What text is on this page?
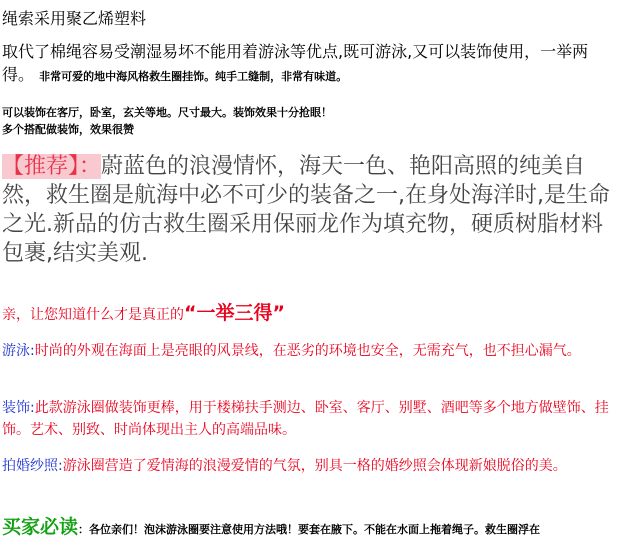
绳索采用聚乙烯塑料
取代了棉绳容易受潮湿易坏不能用着游泳等优点,既可游泳,又可以装饰使用，一举两得。 非常可爱的地中海风格救生圈挂饰。纯手工缝制，非常有味道。
可以装饰在客厅，卧室，玄关等地。尺寸最大。装饰效果十分抢眼！
多个搭配做装饰，效果很赞
【推荐】：蔚蓝色的浪漫情怀，海天一色、艳阳高照的纯美自然，救生圈是航海中必不可少的装备之一,在身处海洋时,是生命之光.新品的仿古救生圈采用保丽龙作为填充物，硬质树脂材料包裹,结实美观.
亲，让您知道什么才是真正的“一举三得”
游泳:时尚的外观在海面上是亮眼的风景线，在恶劣的环境也安全，无需充气，也不担心漏气。
装饰:此款游泳圈做装饰更棒，用于楼梯扶手测边、卧室、客厅、别墅、酒吧等多个地方做壁饰、挂饰。艺术、别致、时尚体现出主人的高端品味。
拍婚纱照:游泳圈营造了爱情海的浪漫爱情的气氛，别具一格的婚纱照会体现新娘脱俗的美。
买家必读：各位亲们！泡沫游泳圈要注意使用方法哦！要套在腋下。不能在水面上拖着绳子。救生圈浮在
